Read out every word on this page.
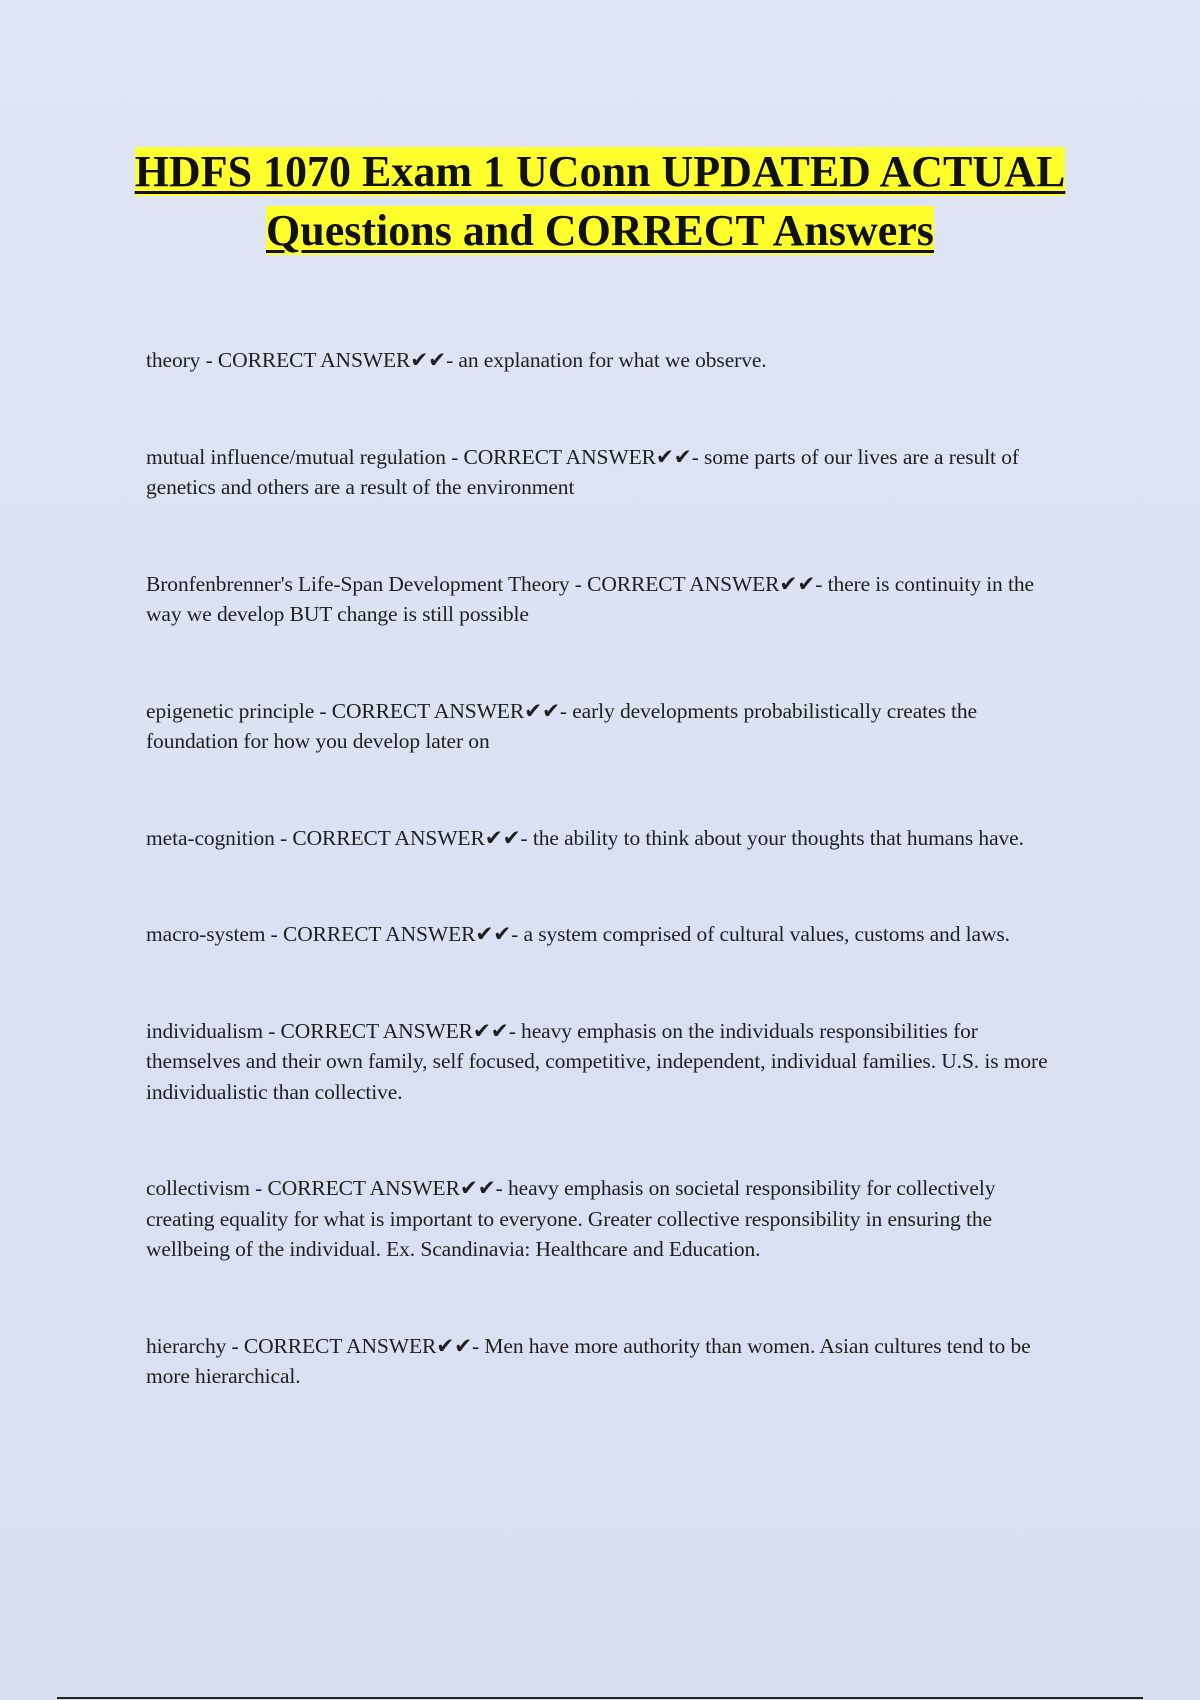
HDFS 1070 Exam 1 UConn UPDATED ACTUAL Questions and CORRECT Answers
theory - CORRECT ANSWER✔✔- an explanation for what we observe.
mutual influence/mutual regulation - CORRECT ANSWER✔✔- some parts of our lives are a result of genetics and others are a result of the environment
Bronfenbrenner's Life-Span Development Theory - CORRECT ANSWER✔✔- there is continuity in the way we develop BUT change is still possible
epigenetic principle - CORRECT ANSWER✔✔- early developments probabilistically creates the foundation for how you develop later on
meta-cognition - CORRECT ANSWER✔✔- the ability to think about your thoughts that humans have.
macro-system - CORRECT ANSWER✔✔- a system comprised of cultural values, customs and laws.
individualism - CORRECT ANSWER✔✔- heavy emphasis on the individuals responsibilities for themselves and their own family, self focused, competitive, independent, individual families. U.S. is more individualistic than collective.
collectivism - CORRECT ANSWER✔✔- heavy emphasis on societal responsibility for collectively creating equality for what is important to everyone. Greater collective responsibility in ensuring the wellbeing of the individual. Ex. Scandinavia: Healthcare and Education.
hierarchy - CORRECT ANSWER✔✔- Men have more authority than women. Asian cultures tend to be more hierarchical.
